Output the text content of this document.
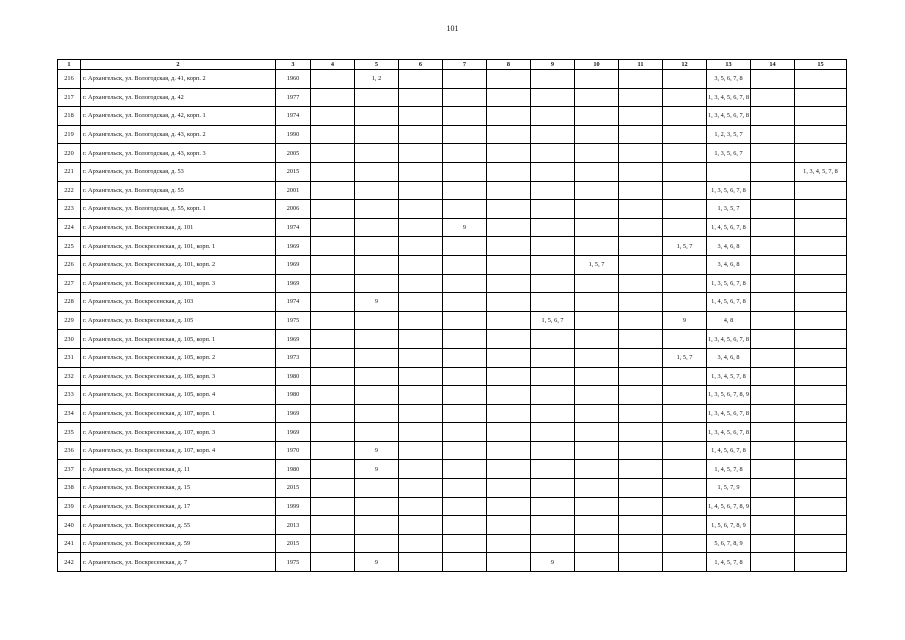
101
1	2	3	4	5	6	7	8	9	10	11	12	13	14	15
216	г. Архангельск, ул. Вологодская, д. 41, корп. 2	1960		1, 2								3, 5, 6, 7, 8		
217	г. Архангельск, ул. Вологодская, д. 42	1977										1, 3, 4, 5, 6, 7, 8		
218	г. Архангельск, ул. Вологодская, д. 42, корп. 1	1974										1, 3, 4, 5, 6, 7, 8		
219	г. Архангельск, ул. Вологодская, д. 43, корп. 2	1990										1, 2, 3, 5, 7		
220	г. Архангельск, ул. Вологодская, д. 43, корп. 3	2005										1, 3, 5, 6, 7		
221	г. Архангельск, ул. Вологодская, д. 53	2015												1, 3, 4, 5, 7, 8
222	г. Архангельск, ул. Вологодская, д. 55	2001										1, 3, 5, 6, 7, 8		
223	г. Архангельск, ул. Вологодская, д. 55, корп. 1	2006										1, 3, 5, 7		
224	г. Архангельск, ул. Воскресенская, д. 101	1974				9						1, 4, 5, 6, 7, 8		
225	г. Архангельск, ул. Воскресенская, д. 101, корп. 1	1969									1, 5, 7	3, 4, 6, 8		
226	г. Архангельск, ул. Воскресенская, д. 101, корп. 2	1969							1, 5, 7			3, 4, 6, 8		
227	г. Архангельск, ул. Воскресенская, д. 101, корп. 3	1969										1, 3, 5, 6, 7, 8		
228	г. Архангельск, ул. Воскресенская, д. 103	1974		9								1, 4, 5, 6, 7, 8		
229	г. Архангельск, ул. Воскресенская, д. 105	1975						1, 5, 6, 7			9	4, 8		
230	г. Архангельск, ул. Воскресенская, д. 105, корп. 1	1969										1, 3, 4, 5, 6, 7, 8		
231	г. Архангельск, ул. Воскресенская, д. 105, корп. 2	1973									1, 5, 7	3, 4, 6, 8		
232	г. Архангельск, ул. Воскресенская, д. 105, корп. 3	1980										1, 3, 4, 5, 7, 8		
233	г. Архангельск, ул. Воскресенская, д. 105, корп. 4	1980										1, 3, 5, 6, 7, 8, 9		
234	г. Архангельск, ул. Воскресенская, д. 107, корп. 1	1969										1, 3, 4, 5, 6, 7, 8		
235	г. Архангельск, ул. Воскресенская, д. 107, корп. 3	1969										1, 3, 4, 5, 6, 7, 8		
236	г. Архангельск, ул. Воскресенская, д. 107, корп. 4	1970		9								1, 4, 5, 6, 7, 8		
237	г. Архангельск, ул. Воскресенская, д. 11	1980		9								1, 4, 5, 7, 8		
238	г. Архангельск, ул. Воскресенская, д. 15	2015										1, 5, 7, 9		
239	г. Архангельск, ул. Воскресенская, д. 17	1999										1, 4, 5, 6, 7, 8, 9		
240	г. Архангельск, ул. Воскресенская, д. 55	2013										1, 5, 6, 7, 8, 9		
241	г. Архангельск, ул. Воскресенская, д. 59	2015										5, 6, 7, 8, 9		
242	г. Архангельск, ул. Воскресенская, д. 7	1975		9				9				1, 4, 5, 7, 8		
